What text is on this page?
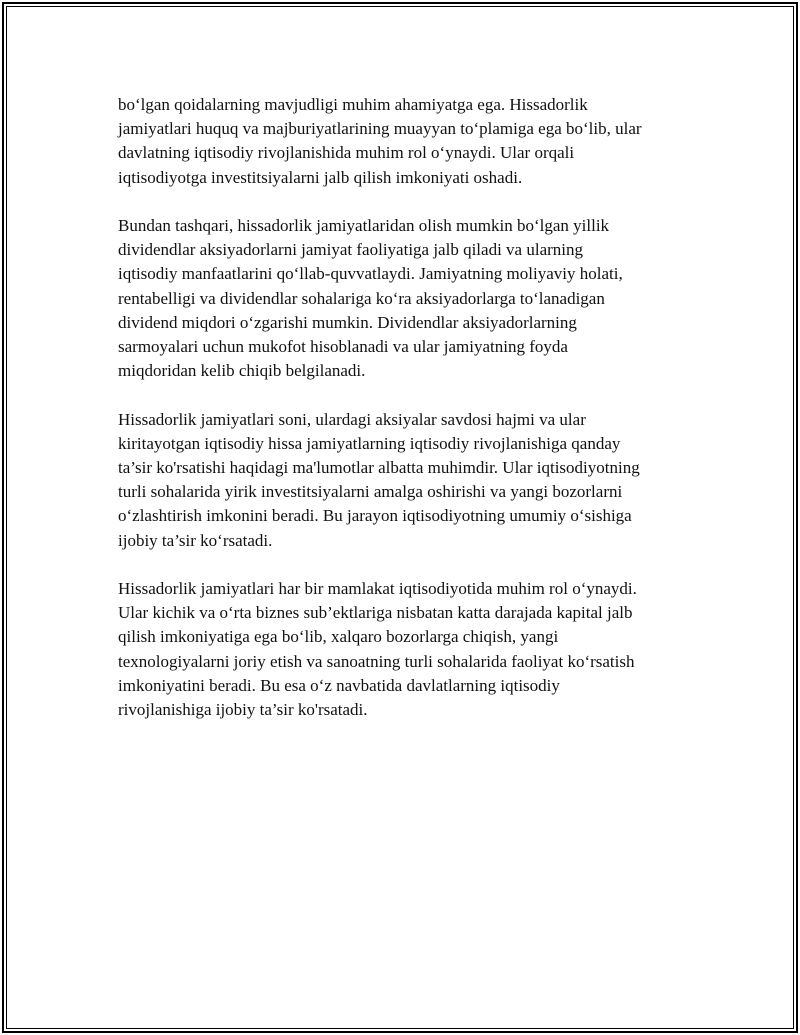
bo‘lgan qoidalarning mavjudligi muhim ahamiyatga ega. Hissadorlik
jamiyatlari huquq va majburiyatlarining muayyan to‘plamiga ega bo‘lib, ular
davlatning iqtisodiy rivojlanishida muhim rol o‘ynaydi. Ular orqali
iqtisodiyotga investitsiyalarni jalb qilish imkoniyati oshadi.

Bundan tashqari, hissadorlik jamiyatlaridan olish mumkin bo‘lgan yillik
dividendlar aksiyadorlarni jamiyat faoliyatiga jalb qiladi va ularning
iqtisodiy manfaatlarini qo‘llab-quvvatlaydi. Jamiyatning moliyaviy holati,
rentabelligi va dividendlar sohalariga ko‘ra aksiyadorlarga to‘lanadigan
dividend miqdori o‘zgarishi mumkin. Dividendlar aksiyadorlarning
sarmoyalari uchun mukofot hisoblanadi va ular jamiyatning foyda
miqdoridan kelib chiqib belgilanadi.

Hissadorlik jamiyatlari soni, ulardagi aksiyalar savdosi hajmi va ular
kiritayotgan iqtisodiy hissa jamiyatlarning iqtisodiy rivojlanishiga qanday
ta’sir ko'rsatishi haqidagi ma'lumotlar albatta muhimdir. Ular iqtisodiyotning
turli sohalarida yirik investitsiyalarni amalga oshirishi va yangi bozorlarni
o‘zlashtirish imkonini beradi. Bu jarayon iqtisodiyotning umumiy o‘sishiga
ijobiy ta’sir ko‘rsatadi.

Hissadorlik jamiyatlari har bir mamlakat iqtisodiyotida muhim rol o‘ynaydi.
Ular kichik va o‘rta biznes sub’ektlariga nisbatan katta darajada kapital jalb
qilish imkoniyatiga ega bo‘lib, xalqaro bozorlarga chiqish, yangi
texnologiyalarni joriy etish va sanoatning turli sohalarida faoliyat ko‘rsatish
imkoniyatini beradi. Bu esa o‘z navbatida davlatlarning iqtisodiy
rivojlanishiga ijobiy ta’sir ko'rsatadi.
